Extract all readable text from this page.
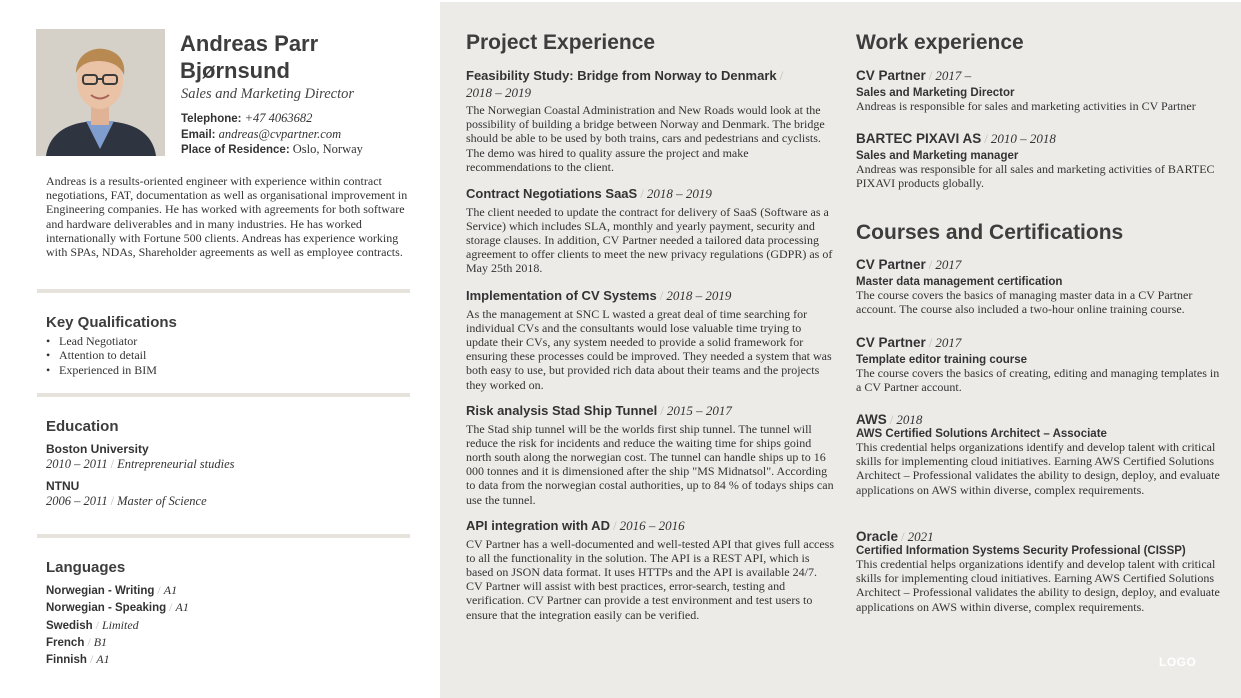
Andreas Parr Bjørnsund
Sales and Marketing Director
Telephone: +47 4063682
Email: andreas@cvpartner.com
Place of Residence: Oslo, Norway
Andreas is a results-oriented engineer with experience within contract negotiations, FAT, documentation as well as organisational improvement in Engineering companies. He has worked with agreements for both software and hardware deliverables and in many industries. He has worked internationally with Fortune 500 clients. Andreas has experience working with SPAs, NDAs, Shareholder agreements as well as employee contracts.
Key Qualifications
• Lead Negotiator
• Attention to detail
• Experienced in BIM
Education
Boston University
2010 – 2011 / Entrepreneurial studies
NTNU
2006 – 2011 / Master of Science
Languages
Norwegian - Writing / A1
Norwegian - Speaking / A1
Swedish / Limited
French / B1
Finnish / A1
Project Experience
Feasibility Study: Bridge from Norway to Denmark /
2018 – 2019
The Norwegian Coastal Administration and New Roads would look at the possibility of building a bridge between Norway and Denmark. The bridge should be able to be used by both trains, cars and pedestrians and cyclists. The demo was hired to quality assure the project and make recommendations to the client.
Contract Negotiations SaaS / 2018 – 2019
The client needed to update the contract for delivery of SaaS (Software as a Service) which includes SLA, monthly and yearly payment, security and storage clauses. In addition, CV Partner needed a tailored data processing agreement to offer clients to meet the new privacy regulations (GDPR) as of May 25th 2018.
Implementation of CV Systems / 2018 – 2019
As the management at SNC L wasted a great deal of time searching for individual CVs and the consultants would lose valuable time trying to update their CVs, any system needed to provide a solid framework for ensuring these processes could be improved. They needed a system that was both easy to use, but provided rich data about their teams and the projects they worked on.
Risk analysis Stad Ship Tunnel / 2015 – 2017
The Stad ship tunnel will be the worlds first ship tunnel. The tunnel will reduce the risk for incidents and reduce the waiting time for ships goind north south along the norwegian cost. The tunnel can handle ships up to 16 000 tonnes and it is dimensioned after the ship "MS Midnatsol". According to data from the norwegian costal authorities, up to 84 % of todays ships can use the tunnel.
API integration with AD / 2016 – 2016
CV Partner has a well-documented and well-tested API that gives full access to all the functionality in the solution. The API is a REST API, which is based on JSON data format. It uses HTTPs and the API is available 24/7. CV Partner will assist with best practices, error-search, testing and verification. CV Partner can provide a test environment and test users to ensure that the integration easily can be verified.
Work experience
CV Partner / 2017 –
Sales and Marketing Director
Andreas is responsible for sales and marketing activities in CV Partner
BARTEC PIXAVI AS / 2010 – 2018
Sales and Marketing manager
Andreas was responsible for all sales and marketing activities of BARTEC PIXAVI products globally.
Courses and Certifications
CV Partner / 2017
Master data management certification
The course covers the basics of managing master data in a CV Partner account. The course also included a two-hour online training course.
CV Partner / 2017
Template editor training course
The course covers the basics of creating, editing and managing templates in a CV Partner account.
AWS / 2018
AWS Certified Solutions Architect – Associate
This credential helps organizations identify and develop talent with critical skills for implementing cloud initiatives. Earning AWS Certified Solutions Architect – Professional validates the ability to design, deploy, and evaluate applications on AWS within diverse, complex requirements.
Oracle / 2021
Certified Information Systems Security Professional (CISSP)
This credential helps organizations identify and develop talent with critical skills for implementing cloud initiatives. Earning AWS Certified Solutions Architect – Professional validates the ability to design, deploy, and evaluate applications on AWS within diverse, complex requirements.
LOGO
